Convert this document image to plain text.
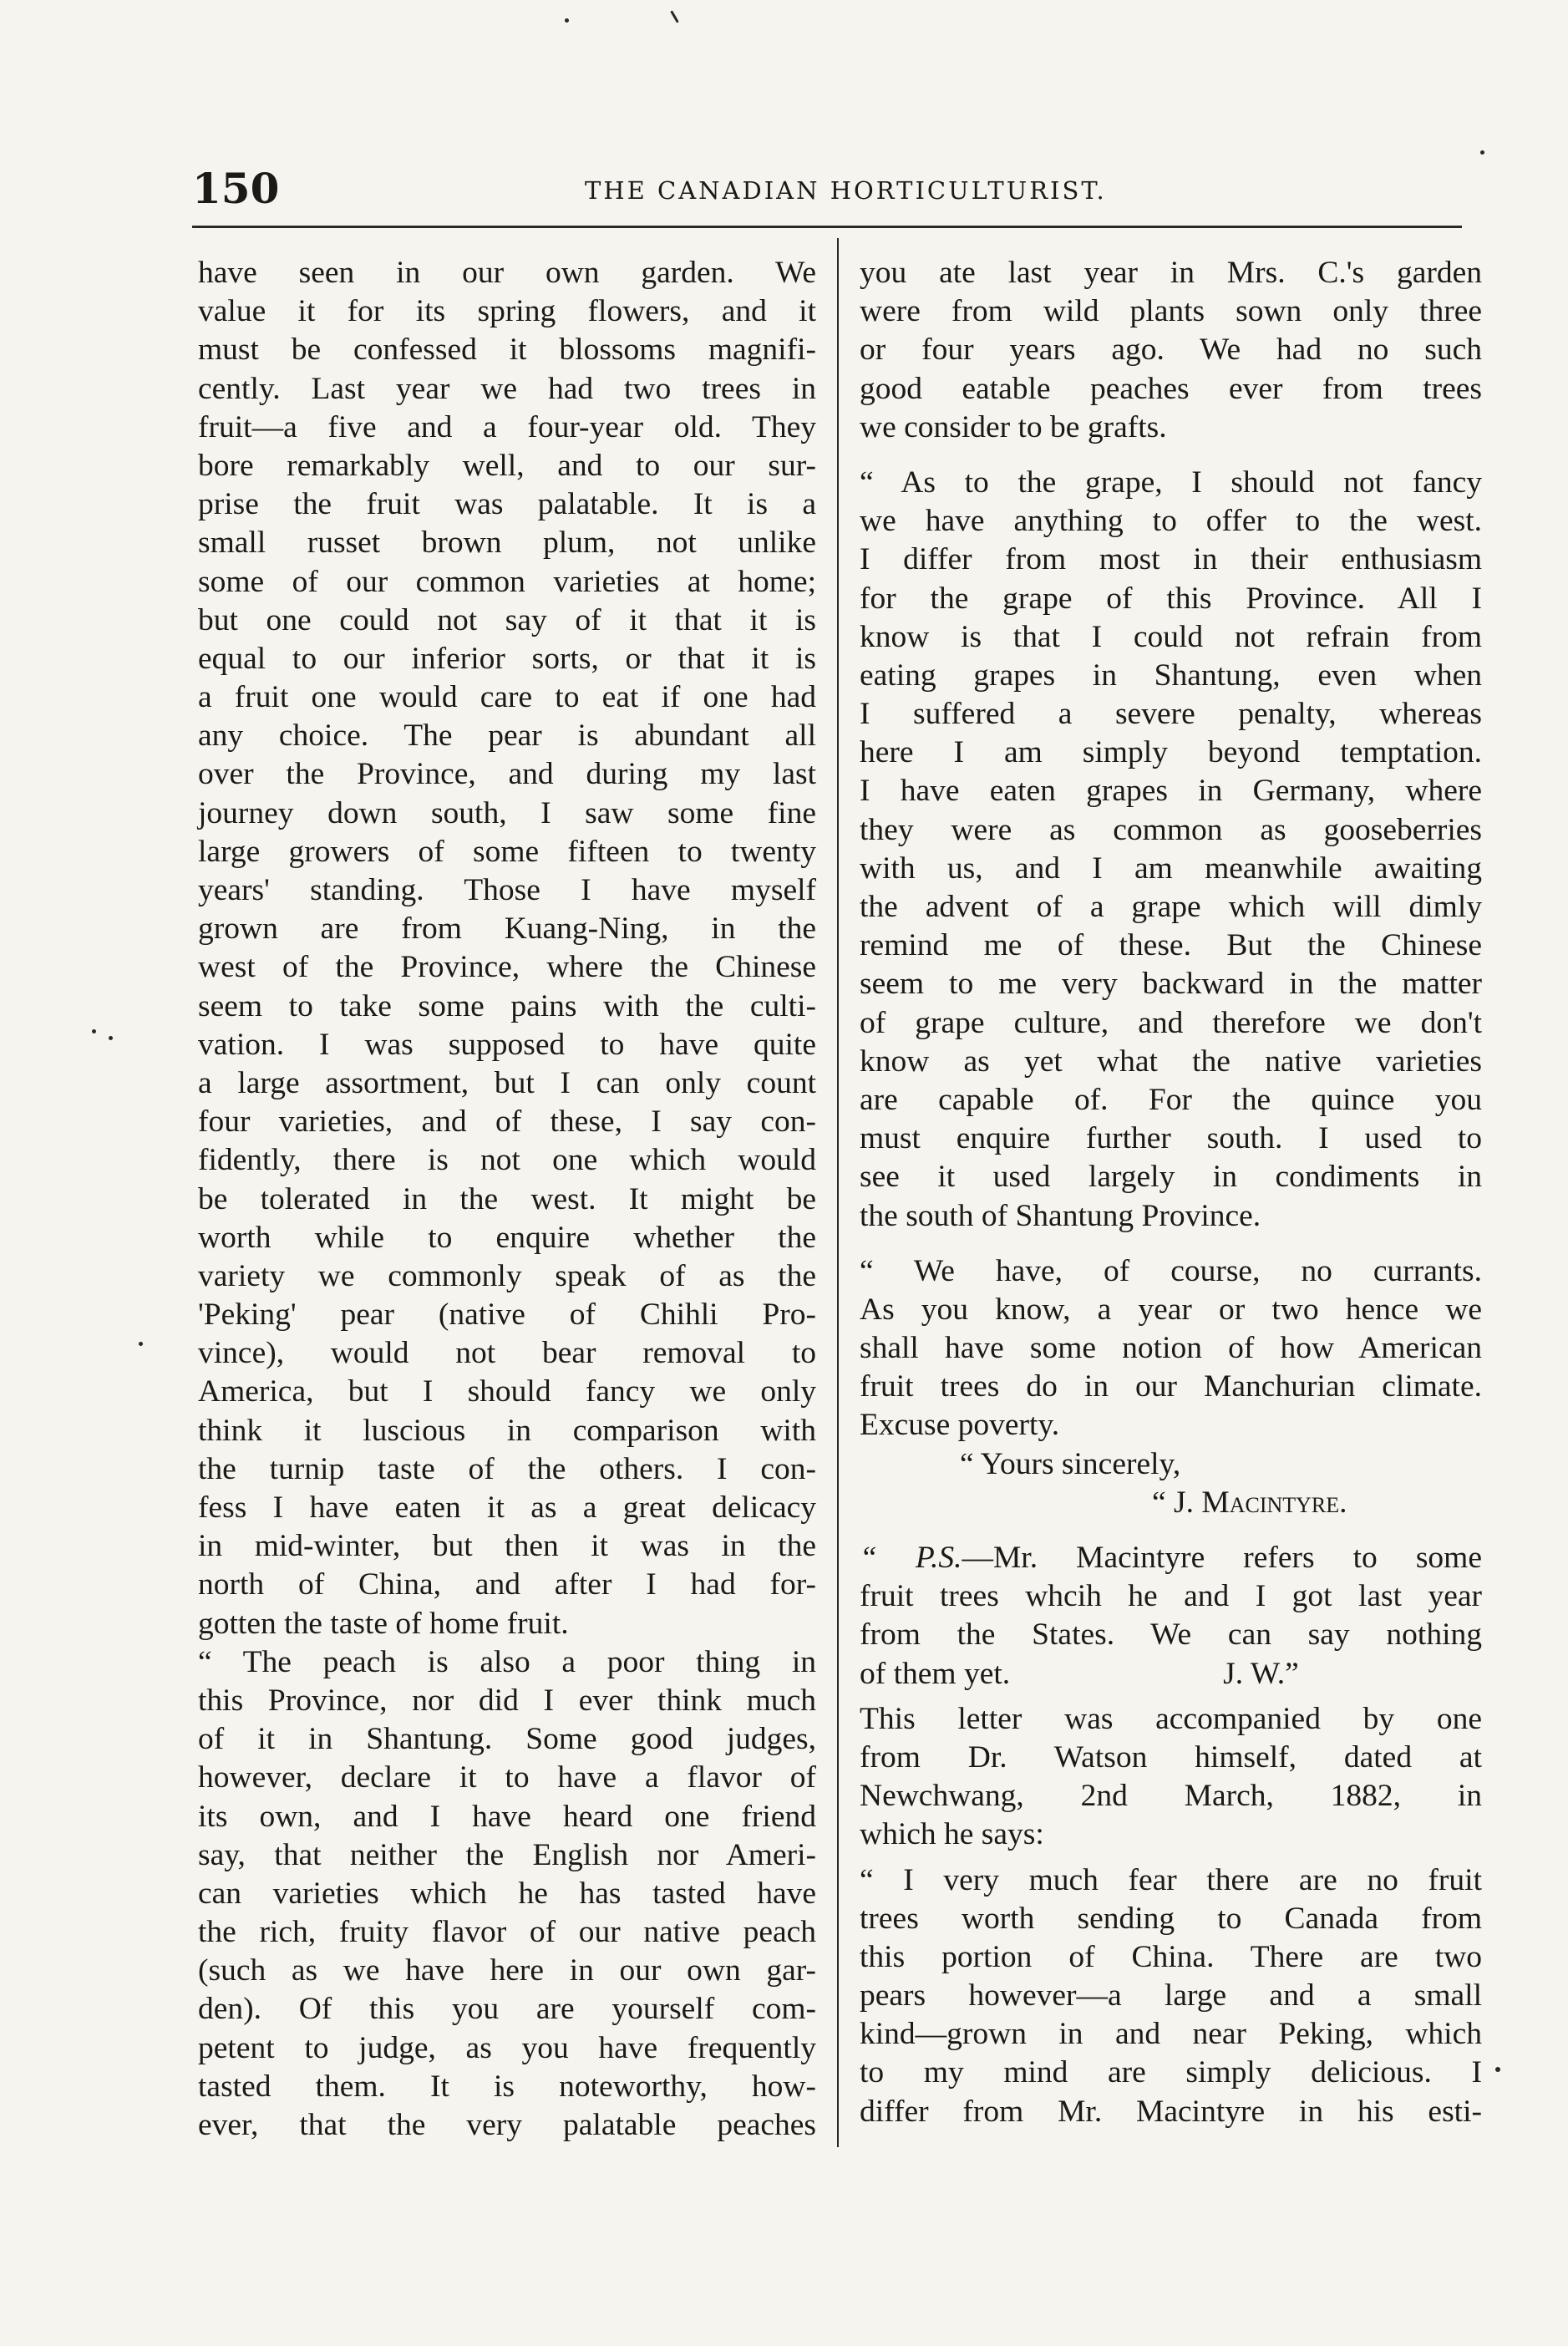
150	THE CANADIAN HORTICULTURIST.
have seen in our own garden. We
value it for its spring flowers, and it
must be confessed it blossoms magnifi-
cently. Last year we had two trees in
fruit—a five and a four-year old. They
bore remarkably well, and to our sur-
prise the fruit was palatable. It is a
small russet brown plum, not unlike
some of our common varieties at home;
but one could not say of it that it is
equal to our inferior sorts, or that it is
a fruit one would care to eat if one had
any choice. The pear is abundant all
over the Province, and during my last
journey down south, I saw some fine
large growers of some fifteen to twenty
years' standing. Those I have myself
grown are from Kuang-Ning, in the
west of the Province, where the Chinese
seem to take some pains with the culti-
vation. I was supposed to have quite
a large assortment, but I can only count
four varieties, and of these, I say con-
fidently, there is not one which would
be tolerated in the west. It might be
worth while to enquire whether the
variety we commonly speak of as the
'Peking' pear (native of Chihli Pro-
vince), would not bear removal to
America, but I should fancy we only
think it luscious in comparison with
the turnip taste of the others. I con-
fess I have eaten it as a great delicacy
in mid-winter, but then it was in the
north of China, and after I had for-
gotten the taste of home fruit.
“ The peach is also a poor thing in
this Province, nor did I ever think much
of it in Shantung. Some good judges,
however, declare it to have a flavor of
its own, and I have heard one friend
say, that neither the English nor Ameri-
can varieties which he has tasted have
the rich, fruity flavor of our native peach
(such as we have here in our own gar-
den). Of this you are yourself com-
petent to judge, as you have frequently
tasted them. It is noteworthy, how-
ever, that the very palatable peaches
you ate last year in Mrs. C.'s garden
were from wild plants sown only three
or four years ago. We had no such
good eatable peaches ever from trees
we consider to be grafts.
“ As to the grape, I should not fancy
we have anything to offer to the west.
I differ from most in their enthusiasm
for the grape of this Province. All I
know is that I could not refrain from
eating grapes in Shantung, even when
I suffered a severe penalty, whereas
here I am simply beyond temptation.
I have eaten grapes in Germany, where
they were as common as gooseberries
with us, and I am meanwhile awaiting
the advent of a grape which will dimly
remind me of these. But the Chinese
seem to me very backward in the matter
of grape culture, and therefore we don't
know as yet what the native varieties
are capable of. For the quince you
must enquire further south. I used to
see it used largely in condiments in
the south of Shantung Province.
“ We have, of course, no currants.
As you know, a year or two hence we
shall have some notion of how American
fruit trees do in our Manchurian climate.
Excuse poverty.
“ Yours sincerely,
“ J. Macintyre.
“ P.S.—Mr. Macintyre refers to some
fruit trees whcih he and I got last year
from the States. We can say nothing
of them yet.	J. W.”
This letter was accompanied by one
from Dr. Watson himself, dated at
Newchwang, 2nd March, 1882, in
which he says:
“ I very much fear there are no fruit
trees worth sending to Canada from
this portion of China. There are two
pears however—a large and a small
kind—grown in and near Peking, which
to my mind are simply delicious. I
differ from Mr. Macintyre in his esti-
